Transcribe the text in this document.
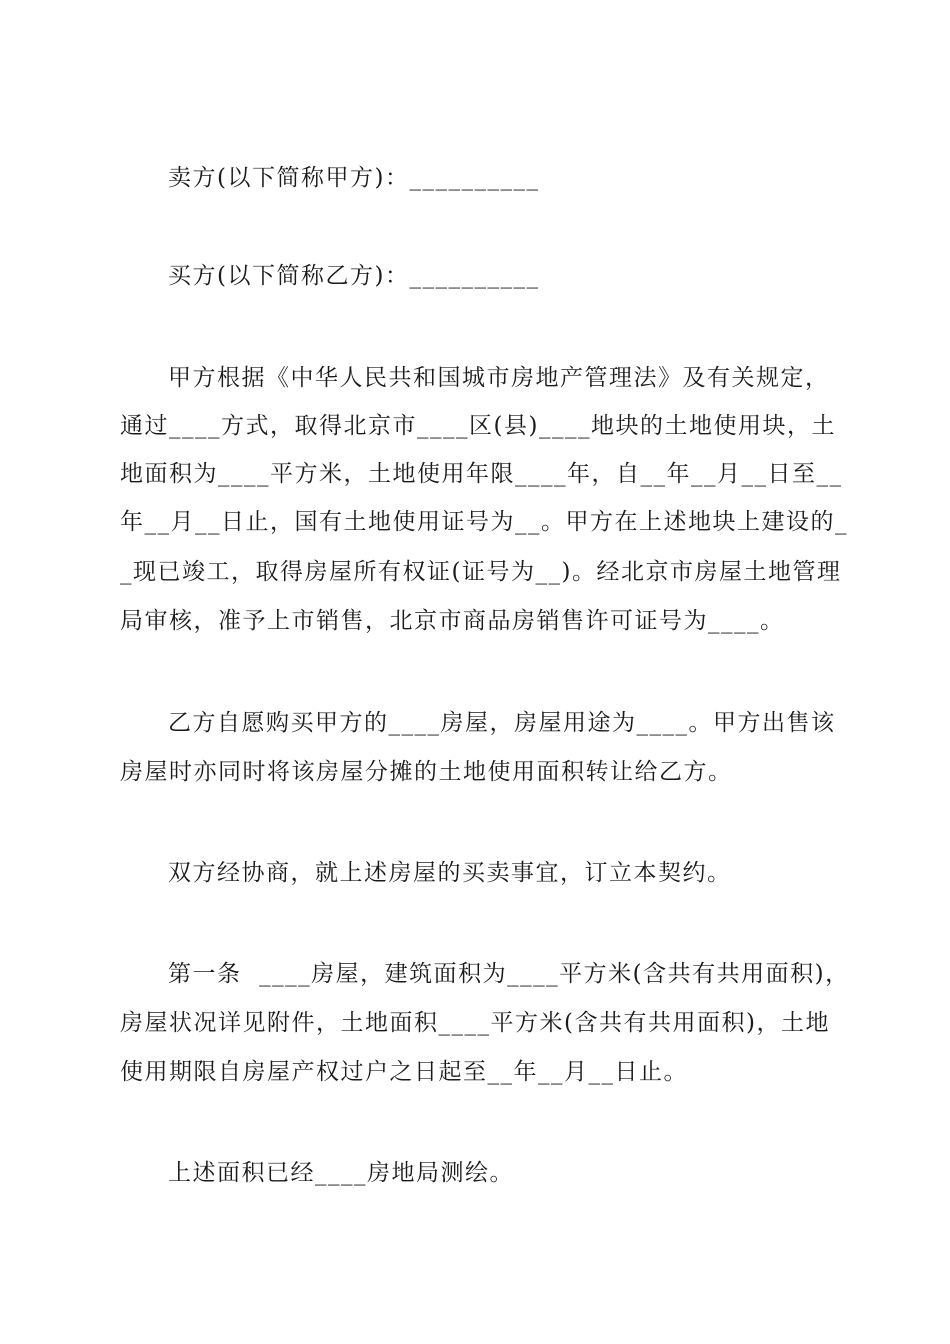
卖方(以下简称甲方)：__________
买方(以下简称乙方)：__________
甲方根据《中华人民共和国城市房地产管理法》及有关规定，
通过____方式，取得北京市____区(县)____地块的土地使用块，土
地面积为____平方米，土地使用年限____年，自__年__月__日至__
年__月__日止，国有土地使用证号为__。甲方在上述地块上建设的_
_现已竣工，取得房屋所有权证(证号为__)。经北京市房屋土地管理
局审核，准予上市销售，北京市商品房销售许可证号为____。
乙方自愿购买甲方的____房屋，房屋用途为____。甲方出售该
房屋时亦同时将该房屋分摊的土地使用面积转让给乙方。
双方经协商，就上述房屋的买卖事宜，订立本契约。
第一条  ____房屋，建筑面积为____平方米(含共有共用面积)，
房屋状况详见附件，土地面积____平方米(含共有共用面积)，土地
使用期限自房屋产权过户之日起至__年__月__日止。
上述面积已经____房地局测绘。
